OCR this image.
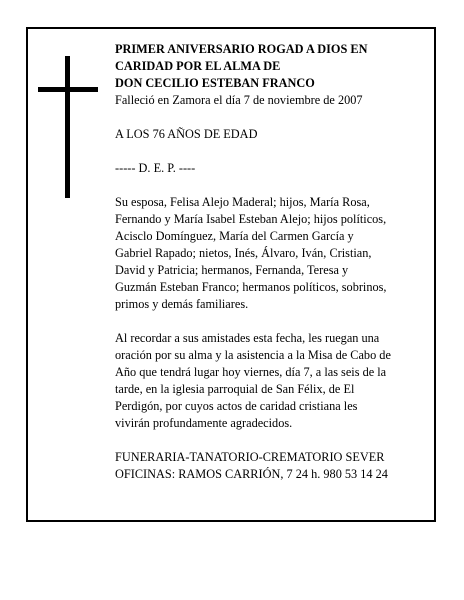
PRIMER ANIVERSARIO ROGAD A DIOS EN
CARIDAD POR EL ALMA DE
DON CECILIO ESTEBAN FRANCO
Falleció en Zamora el día 7 de noviembre de 2007
A LOS 76 AÑOS DE EDAD
----- D. E. P. ----
Su esposa, Felisa Alejo Maderal; hijos, María Rosa,
Fernando y María Isabel Esteban Alejo; hijos políticos,
Acisclo Domínguez, María del Carmen García y
Gabriel Rapado; nietos, Inés, Álvaro, Iván, Cristian,
David y Patricia; hermanos, Fernanda, Teresa y
Guzmán Esteban Franco; hermanos políticos, sobrinos,
primos y demás familiares.
Al recordar a sus amistades esta fecha, les ruegan una
oración por su alma y la asistencia a la Misa de Cabo de
Año que tendrá lugar hoy viernes, día 7, a las seis de la
tarde, en la iglesia parroquial de San Félix, de El
Perdigón, por cuyos actos de caridad cristiana les
vivirán profundamente agradecidos.
FUNERARIA-TANATORIO-CREMATORIO SEVER
OFICINAS: RAMOS CARRIÓN, 7 24 h. 980 53 14 24
